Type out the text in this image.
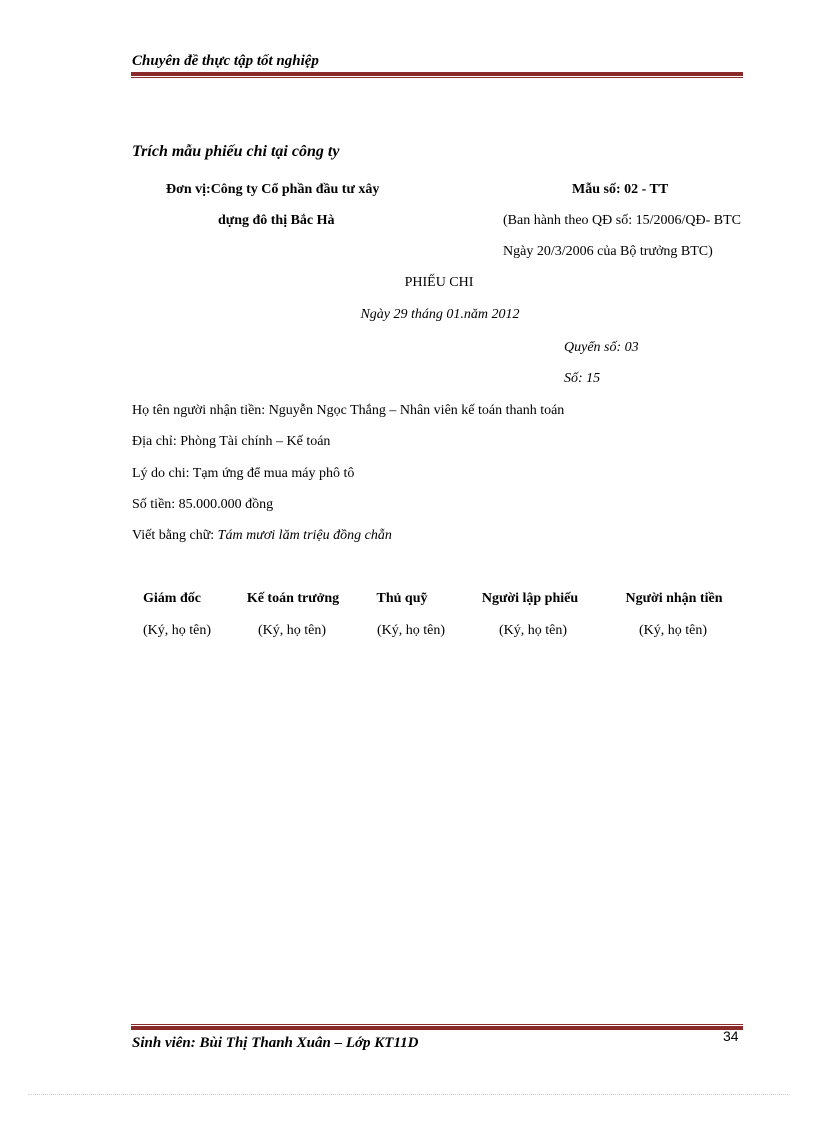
Chuyên đề thực tập tốt nghiệp
Trích mẫu phiếu chi tại công ty
Đơn vị:Công ty Cổ phần đầu tư xây
dựng đô thị Bắc Hà
Mẫu số: 02 - TT
(Ban hành theo QĐ số: 15/2006/QĐ- BTC
Ngày 20/3/2006 của Bộ trưởng BTC)
PHIẾU CHI
Ngày 29 tháng 01.năm 2012
Quyển số: 03
Số: 15
Họ tên người nhận tiền: Nguyễn Ngọc Thắng – Nhân viên kế toán thanh toán
Địa chỉ: Phòng Tài chính – Kế toán
Lý do chi: Tạm ứng để mua máy phô tô
Số tiền: 85.000.000 đồng
Viết bằng chữ: Tám mươi lăm triệu đồng chẵn
Giám đốc	Kế toán trưởng	Thủ quỹ	Người lập phiếu	Người nhận tiền
(Ký, họ tên)	(Ký, họ tên)	(Ký, họ tên)	(Ký, họ tên)	(Ký, họ tên)
Sinh viên: Bùi Thị Thanh Xuân – Lớp KT11D	34
